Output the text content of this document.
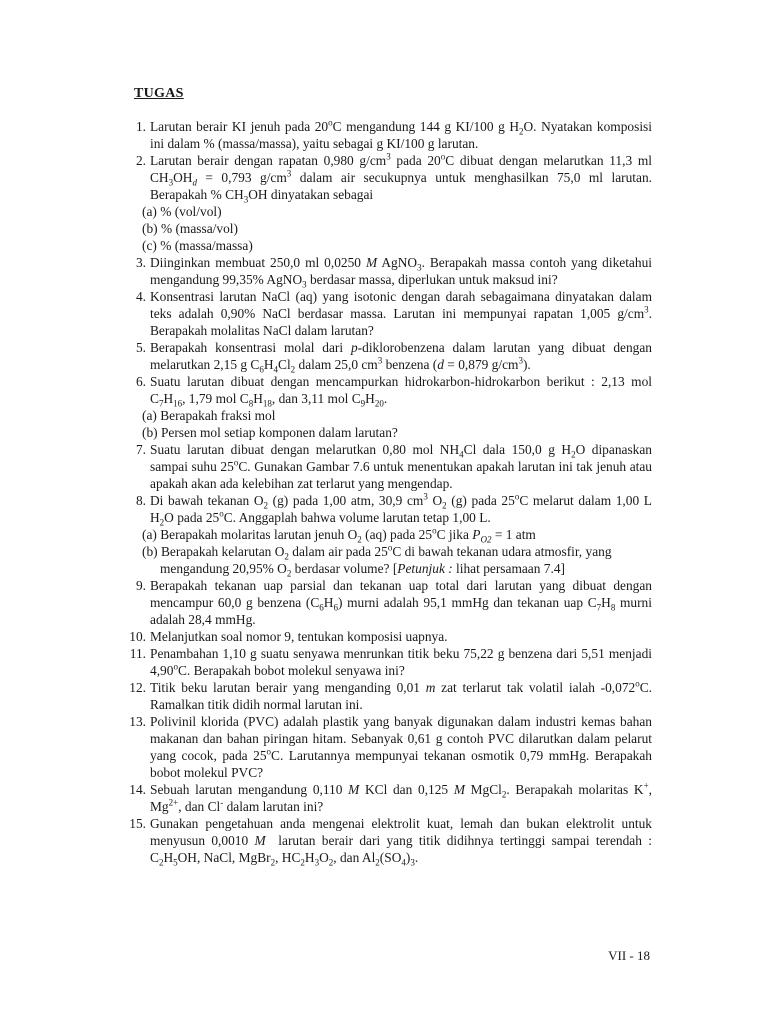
TUGAS
1. Larutan berair KI jenuh pada 20$^o$C mengandung 144 g KI/100 g $H_2O$. Nyatakan komposisi ini dalam % (massa/massa), yaitu sebagai g KI/100 g larutan.
2. Larutan berair dengan rapatan 0,980 $g/cm^3$ pada 20$^o$C dibuat dengan melarutkan 11,3 ml $CH_3OH_d = 0,793$ $g/cm^3$ dalam air secukupnya untuk menghasilkan 75,0 ml larutan. Berapakah % $CH_3OH$ dinyatakan sebagai
(a) % (vol/vol)
(b) % (massa/vol)
(c) % (massa/massa)
3. Diinginkan membuat 250,0 ml 0,0250 M AgNO$_3$. Berapakah massa contoh yang diketahui mengandung 99,35% AgNO$_3$ berdasar massa, diperlukan untuk maksud ini?
4. Konsentrasi larutan NaCl (aq) yang isotonic dengan darah sebagaimana dinyatakan dalam teks adalah 0,90% NaCl berdasar massa. Larutan ini mempunyai rapatan 1,005 $g/cm^3$. Berapakah molalitas NaCl dalam larutan?
5. Berapakah konsentrasi molal dari p-diklorobenzena dalam larutan yang dibuat dengan melarutkan 2,15 g $C_6H_4Cl_2$ dalam 25,0 $cm^3$ benzena (d = 0,879 $g/cm^3$).
6. Suatu larutan dibuat dengan mencampurkan hidrokarbon-hidrokarbon berikut : 2,13 mol $C_7H_{16}$, 1,79 mol $C_8H_{18}$, dan 3,11 mol $C_9H_{20}$.
(a) Berapakah fraksi mol
(b) Persen mol setiap komponen dalam larutan?
7. Suatu larutan dibuat dengan melarutkan 0,80 mol $NH_4Cl$ dala 150,0 g $H_2O$ dipanaskan sampai suhu 25$^o$C. Gunakan Gambar 7.6 untuk menentukan apakah larutan ini tak jenuh atau apakah akan ada kelebihan zat terlarut yang mengendap.
8. Di bawah tekanan $O_2$ (g) pada 1,00 atm, 30,9 $cm^3$ $O_2$ (g) pada 25$^o$C melarut dalam 1,00 L $H_2O$ pada 25$^o$C. Anggaplah bahwa volume larutan tetap 1,00 L.
(a) Berapakah molaritas larutan jenuh $O_2$ (aq) pada 25$^o$C jika $P_{O2} = 1$ atm
(b) Berapakah kelarutan $O_2$ dalam air pada 25$^o$C di bawah tekanan udara atmosfir, yang mengandung 20,95% $O_2$ berdasar volume? [Petunjuk : lihat persamaan 7.4]
9. Berapakah tekanan uap parsial dan tekanan uap total dari larutan yang dibuat dengan mencampur 60,0 g benzena $(C_6H_6)$ murni adalah 95,1 mmHg dan tekanan uap $C_7H_8$ murni adalah 28,4 mmHg.
10. Melanjutkan soal nomor 9, tentukan komposisi uapnya.
11. Penambahan 1,10 g suatu senyawa menrunkan titik beku 75,22 g benzena dari 5,51 menjadi 4,90$^o$C. Berapakah bobot molekul senyawa ini?
12. Titik beku larutan berair yang menganding 0,01 m zat terlarut tak volatil ialah -0,072$^o$C. Ramalkan titik didih normal larutan ini.
13. Polivinil klorida (PVC) adalah plastik yang banyak digunakan dalam industri kemas bahan makanan dan bahan piringan hitam. Sebanyak 0,61 g contoh PVC dilarutkan dalam pelarut yang cocok, pada 25$^o$C. Larutannya mempunyai tekanan osmotik 0,79 mmHg. Berapakah bobot molekul PVC?
14. Sebuah larutan mengandung 0,110 M KCl dan 0,125 M MgCl$_2$. Berapakah molaritas K+, $Mg^{2+}$, dan Cl- dalam larutan ini?
15. Gunakan pengetahuan anda mengenai elektrolit kuat, lemah dan bukan elektrolit untuk menyusun 0,0010 M  larutan berair dari yang titik didihnya tertinggi sampai terendah : $C_2H_5OH$, NaCl, MgBr$_2$, $HC_2H_3O_2$, dan $Al_2(SO_4)_3$.
VII - 18
